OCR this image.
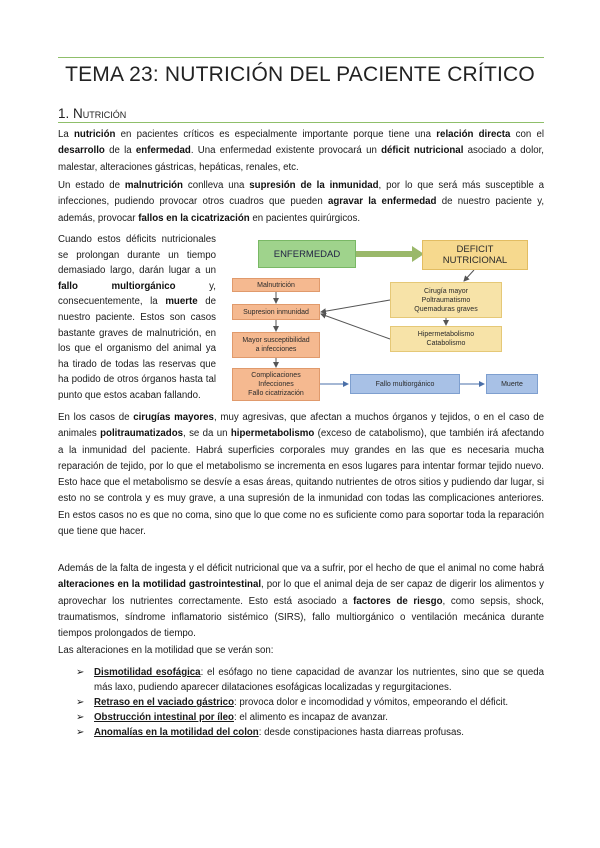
TEMA 23: NUTRICIÓN DEL PACIENTE CRÍTICO
1. Nutrición

La nutrición en pacientes críticos es especialmente importante porque tiene una relación directa con el desarrollo de la enfermedad. Una enfermedad existente provocará un déficit nutricional asociado a dolor, malestar, alteraciones gástricas, hepáticas, renales, etc.

Un estado de malnutrición conlleva una supresión de la inmunidad, por lo que será más susceptible a infecciones, pudiendo provocar otros cuadros que pueden agravar la enfermedad de nuestro paciente y, además, provocar fallos en la cicatrización en pacientes quirúrgicos.

Cuando estos déficits nutricionales se prolongan durante un tiempo demasiado largo, darán lugar a un fallo multiorgánico y, consecuentemente, la muerte de nuestro paciente. Estos son casos bastante graves de malnutrición, en los que el organismo del animal ya ha tirado de todas las reservas que ha podido de otros órganos hasta tal punto que estos acaban fallando.

ENFERMEDAD	DEFICIT
NUTRICIONAL
Malnutrición
Supresion inmunidad
Mayor susceptibilidad
a infecciones
Complicaciones
Infecciones
Fallo cicatrización
Cirugía mayor
Poltraumatismo
Quemaduras graves
Hipermetabolismo
Catabolismo
Fallo multiorgánico	Muerte

En los casos de cirugías mayores, muy agresivas, que afectan a muchos órganos y tejidos, o en el caso de animales politraumatizados, se da un hipermetabolismo (exceso de catabolismo), que también irá afectando a la inmunidad del paciente. Habrá superficies corporales muy grandes en las que es necesaria mucha reparación de tejido, por lo que el metabolismo se incrementa en esos lugares para intentar formar tejido nuevo. Esto hace que el metabolismo se desvíe a esas áreas, quitando nutrientes de otros sitios y pudiendo dar lugar, si esto no se controla y es muy grave, a una supresión de la inmunidad con todas las complicaciones anteriores. En estos casos no es que no coma, sino que lo que come no es suficiente como para soportar toda la reparación que tiene que hacer.

Además de la falta de ingesta y el déficit nutricional que va a sufrir, por el hecho de que el animal no come habrá alteraciones en la motilidad gastrointestinal, por lo que el animal deja de ser capaz de digerir los alimentos y aprovechar los nutrientes correctamente. Esto está asociado a factores de riesgo, como sepsis, shock, traumatismos, síndrome inflamatorio sistémico (SIRS), fallo multiorgánico o ventilación mecánica durante tiempos prolongados de tiempo.

Las alteraciones en la motilidad que se verán son:

➢ Dismotilidad esofágica: el esófago no tiene capacidad de avanzar los nutrientes, sino que se queda más laxo, pudiendo aparecer dilataciones esofágicas localizadas y regurgitaciones.
➢ Retraso en el vaciado gástrico: provoca dolor e incomodidad y vómitos, empeorando el déficit.
➢ Obstrucción intestinal por íleo: el alimento es incapaz de avanzar.
➢ Anomalías en la motilidad del colon: desde constipaciones hasta diarreas profusas.
